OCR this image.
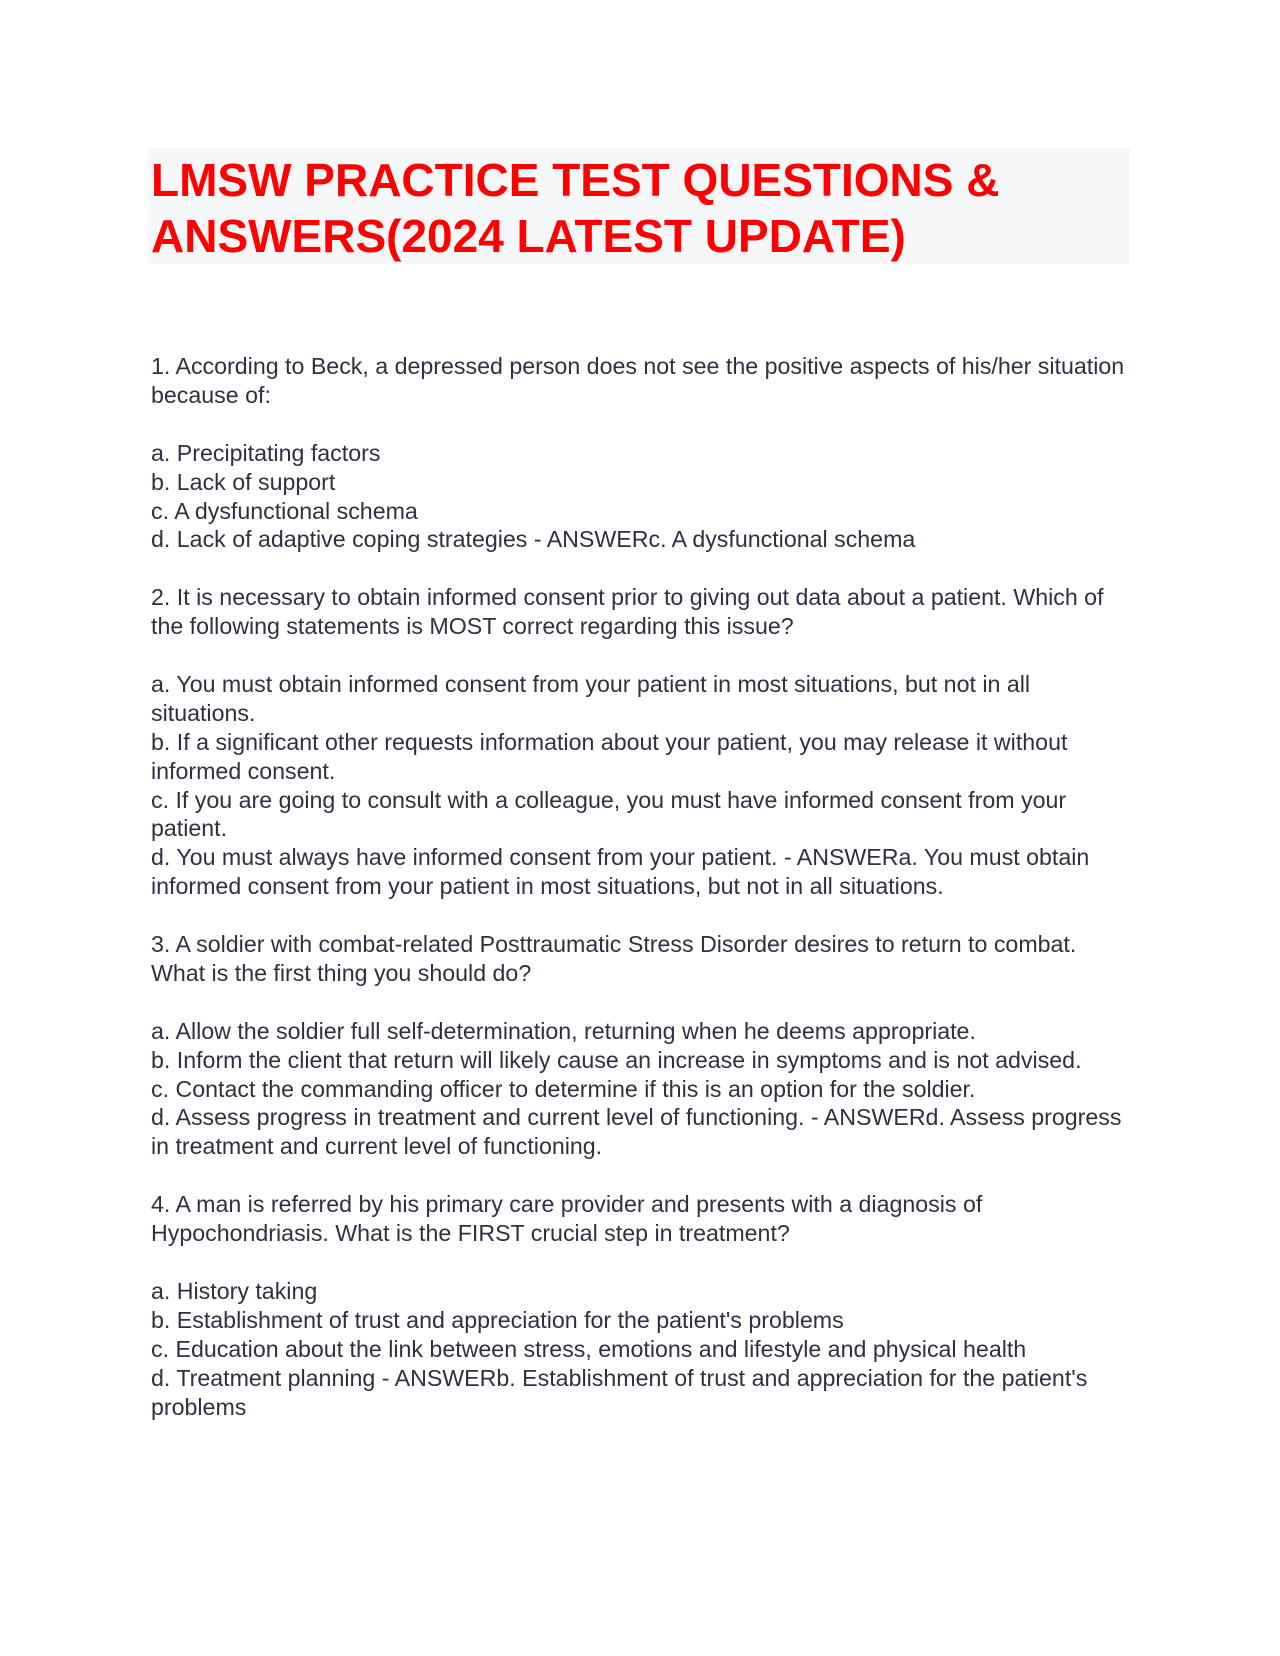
LMSW PRACTICE TEST QUESTIONS &
ANSWERS(2024 LATEST UPDATE)

1. According to Beck, a depressed person does not see the positive aspects of his/her situation because of:

a. Precipitating factors

b. Lack of support

c. A dysfunctional schema

d. Lack of adaptive coping strategies - ANSWERc. A dysfunctional schema

2. It is necessary to obtain informed consent prior to giving out data about a patient. Which of the following statements is MOST correct regarding this issue?

a. You must obtain informed consent from your patient in most situations, but not in all situations.

b. If a significant other requests information about your patient, you may release it without informed consent.

c. If you are going to consult with a colleague, you must have informed consent from your patient.

d. You must always have informed consent from your patient. - ANSWERa. You must obtain informed consent from your patient in most situations, but not in all situations.

3. A soldier with combat-related Posttraumatic Stress Disorder desires to return to combat. What is the first thing you should do?

a. Allow the soldier full self-determination, returning when he deems appropriate.

b. Inform the client that return will likely cause an increase in symptoms and is not advised.

c. Contact the commanding officer to determine if this is an option for the soldier.

d. Assess progress in treatment and current level of functioning. - ANSWERd. Assess progress in treatment and current level of functioning.

4. A man is referred by his primary care provider and presents with a diagnosis of Hypochondriasis. What is the FIRST crucial step in treatment?

a. History taking

b. Establishment of trust and appreciation for the patient's problems

c. Education about the link between stress, emotions and lifestyle and physical health

d. Treatment planning - ANSWERb. Establishment of trust and appreciation for the patient's problems
